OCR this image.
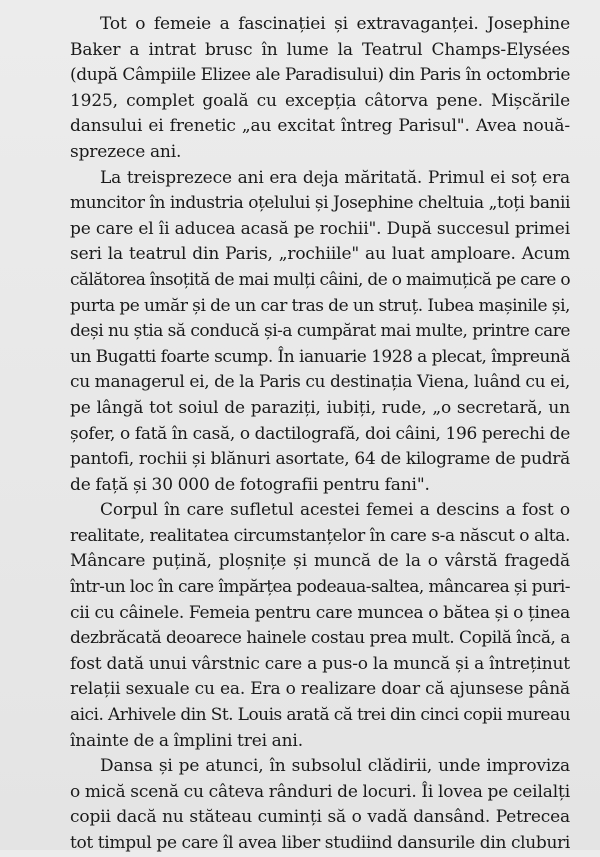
Tot o femeie a fascinației și extravaganței. Josephine
Baker a intrat brusc în lume la Teatrul Champs-Elysées
(după Câmpiile Elizee ale Paradisului) din Paris în octombrie
1925, complet goală cu excepția câtorva pene. Mișcările
dansului ei frenetic „au excitat întreg Parisul". Avea nouă-
sprezece ani.

La treisprezece ani era deja măritată. Primul ei soț era
muncitor în industria oțelului și Josephine cheltuia „toți banii
pe care el îi aducea acasă pe rochii". După succesul primei
seri la teatrul din Paris, „rochiile" au luat amploare. Acum
călătorea însoțită de mai mulți câini, de o maimuțică pe care o
purta pe umăr și de un car tras de un struț. Iubea mașinile și,
deși nu știa să conducă și-a cumpărat mai multe, printre care
un Bugatti foarte scump. În ianuarie 1928 a plecat, împreună
cu managerul ei, de la Paris cu destinația Viena, luând cu ei,
pe lângă tot soiul de paraziți, iubiți, rude, „o secretară, un
șofer, o fată în casă, o dactilografă, doi câini, 196 perechi de
pantofi, rochii și blănuri asortate, 64 de kilograme de pudră
de față și 30 000 de fotografii pentru fani".

Corpul în care sufletul acestei femei a descins a fost o
realitate, realitatea circumstanțelor în care s-a născut o alta.
Mâncare puțină, ploșnițe și muncă de la o vârstă fragedă
într-un loc în care împărțea podeaua-saltea, mâncarea și puri-
cii cu câinele. Femeia pentru care muncea o bătea și o ținea
dezbrăcată deoarece hainele costau prea mult. Copilă încă, a
fost dată unui vârstnic care a pus-o la muncă și a întreținut
relații sexuale cu ea. Era o realizare doar că ajunsese până
aici. Arhivele din St. Louis arată că trei din cinci copii mureau
înainte de a împlini trei ani.

Dansa și pe atunci, în subsolul clădirii, unde improviza
o mică scenă cu câteva rânduri de locuri. Îi lovea pe ceilalți
copii dacă nu stăteau cuminți să o vadă dansând. Petrecea
tot timpul pe care îl avea liber studiind dansurile din cluburi
